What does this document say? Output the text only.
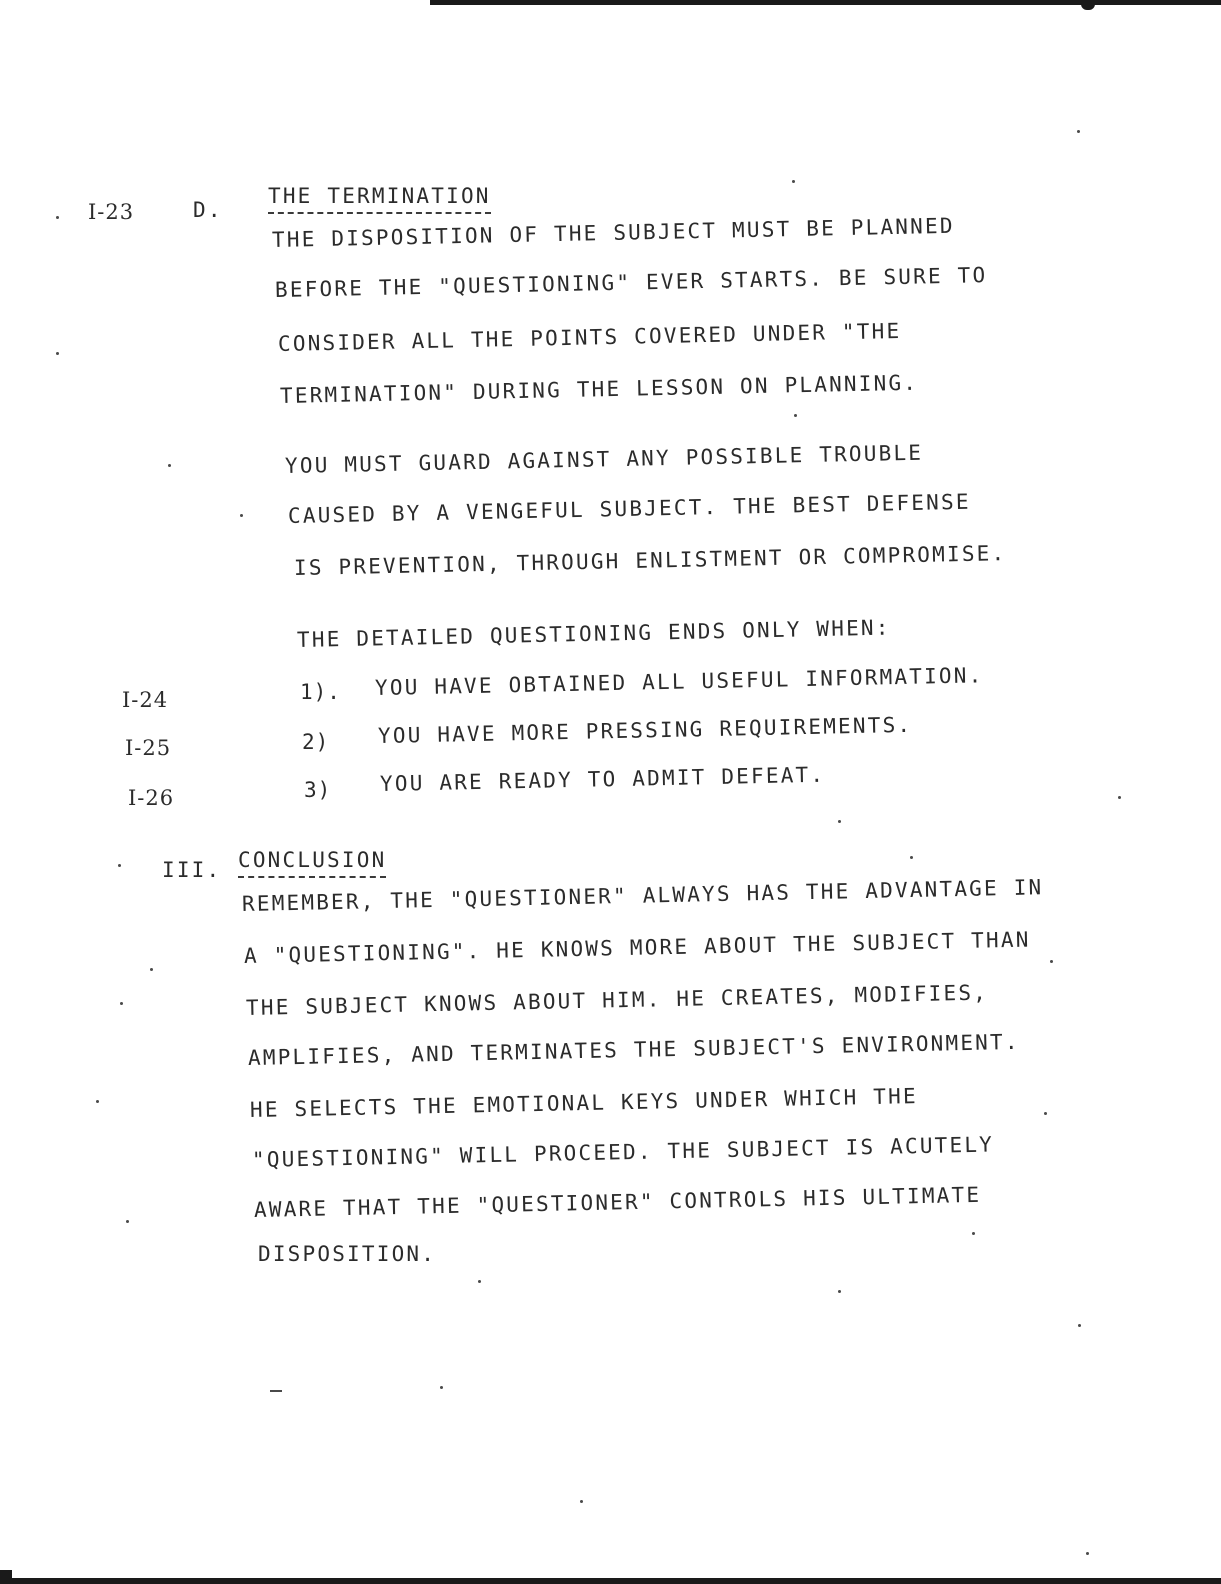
I-23	D.
THE TERMINATION
THE DISPOSITION OF THE SUBJECT MUST BE PLANNED
BEFORE THE "QUESTIONING" EVER STARTS. BE SURE TO
CONSIDER ALL THE POINTS COVERED UNDER "THE
TERMINATION" DURING THE LESSON ON PLANNING.
YOU MUST GUARD AGAINST ANY POSSIBLE TROUBLE
CAUSED BY A VENGEFUL SUBJECT. THE BEST DEFENSE
IS PREVENTION, THROUGH ENLISTMENT OR COMPROMISE.
THE DETAILED QUESTIONING ENDS ONLY WHEN:
I-24	1). YOU HAVE OBTAINED ALL USEFUL INFORMATION.
I-25	2) YOU HAVE MORE PRESSING REQUIREMENTS.
I-26	3) YOU ARE READY TO ADMIT DEFEAT.
III. CONCLUSION
REMEMBER, THE "QUESTIONER" ALWAYS HAS THE ADVANTAGE IN
A "QUESTIONING". HE KNOWS MORE ABOUT THE SUBJECT THAN
THE SUBJECT KNOWS ABOUT HIM. HE CREATES, MODIFIES,
AMPLIFIES, AND TERMINATES THE SUBJECT'S ENVIRONMENT.
HE SELECTS THE EMOTIONAL KEYS UNDER WHICH THE
"QUESTIONING" WILL PROCEED. THE SUBJECT IS ACUTELY
AWARE THAT THE "QUESTIONER" CONTROLS HIS ULTIMATE
DISPOSITION.
